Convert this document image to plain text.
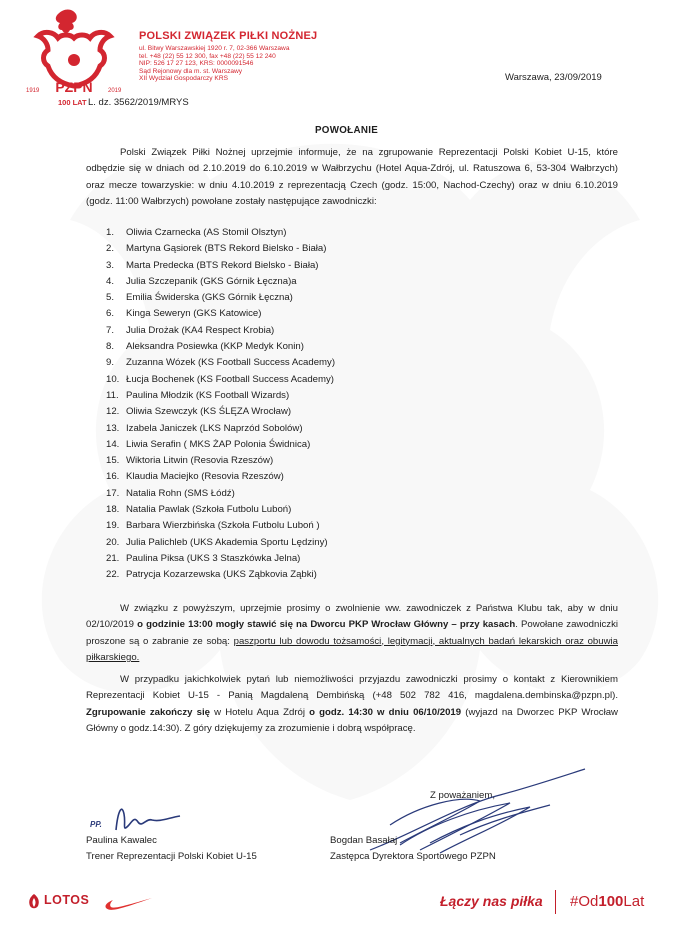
PZPN
1919	2019
POLSKI ZWIĄZEK PIŁKI NOŻNEJ
ul. Bitwy Warszawskiej 1920 r. 7, 02-366 Warszawa
tel. +48 (22) 55 12 300, fax +48 (22) 55 12 240
NIP: 526 17 27 123, KRS: 0000091546
Sąd Rejonowy dla m. st. Warszawy
XII Wydział Gospodarczy KRS
100 LAT L. dz. 3562/2019/MRYS
Warszawa, 23/09/2019
POWOŁANIE
Polski Związek Piłki Nożnej uprzejmie informuje, że na zgrupowanie Reprezentacji Polski Kobiet U-15, które odbędzie się w dniach od 2.10.2019 do 6.10.2019 w Wałbrzychu (Hotel Aqua-Zdrój, ul. Ratuszowa 6, 53-304 Wałbrzych) oraz mecze towarzyskie: w dniu 4.10.2019 z reprezentacją Czech (godz. 15:00, Nachod-Czechy) oraz w dniu 6.10.2019 (godz. 11:00 Wałbrzych) powołane zostały następujące zawodniczki:
1. Oliwia Czarnecka (AS Stomil Olsztyn)
2. Martyna Gąsiorek (BTS Rekord Bielsko - Biała)
3. Marta Predecka (BTS Rekord Bielsko - Biała)
4. Julia Szczepanik (GKS Górnik Łęczna)a
5. Emilia Świderska (GKS Górnik Łęczna)
6. Kinga Seweryn (GKS Katowice)
7. Julia Drożak (KA4 Respect Krobia)
8. Aleksandra Posiewka (KKP Medyk Konin)
9. Zuzanna Wózek (KS Football Success Academy)
10. Łucja Bochenek (KS Football Success Academy)
11. Paulina Młodzik (KS Football Wizards)
12. Oliwia Szewczyk (KS ŚLĘZA Wrocław)
13. Izabela Janiczek (LKS Naprzód Sobolów)
14. Liwia Serafin ( MKS ŻAP Polonia Świdnica)
15. Wiktoria Litwin (Resovia Rzeszów)
16. Klaudia Maciejko (Resovia Rzeszów)
17. Natalia Rohn (SMS Łódź)
18. Natalia Pawlak (Szkoła Futbolu Luboń)
19. Barbara Wierzbińska (Szkoła Futbolu Luboń )
20. Julia Palichleb (UKS Akademia Sportu Lędziny)
21. Paulina Piksa (UKS 3 Staszkówka Jelna)
22. Patrycja Kozarzewska (UKS Ząbkovia Ząbki)
W związku z powyższym, uprzejmie prosimy o zwolnienie ww. zawodniczek z Państwa Klubu tak, aby w dniu 02/10/2019 o godzinie 13:00 mogły stawić się na Dworcu PKP Wrocław Główny – przy kasach. Powołane zawodniczki proszone są o zabranie ze sobą: paszportu lub dowodu tożsamości, legitymacji, aktualnych badań lekarskich oraz obuwia piłkarskiego.
W przypadku jakichkolwiek pytań lub niemożliwości przyjazdu zawodniczki prosimy o kontakt z Kierownikiem Reprezentacji Kobiet U-15 - Panią Magdaleną Dembińską (+48 502 782 416, magdalena.dembinska@pzpn.pl). Zgrupowanie zakończy się w Hotelu Aqua Zdrój o godz. 14:30 w dniu 06/10/2019 (wyjazd na Dworzec PKP Wrocław Główny o godz.14:30). Z góry dziękujemy za zrozumienie i dobrą współpracę.
Z poważaniem,
PP.
Paulina Kawalec
Trener Reprezentacji Polski Kobiet U-15
Bogdan Basałaj
Zastępca Dyrektora Sportowego PZPN
LOTOS	Łączy nas piłka #Od100Lat
